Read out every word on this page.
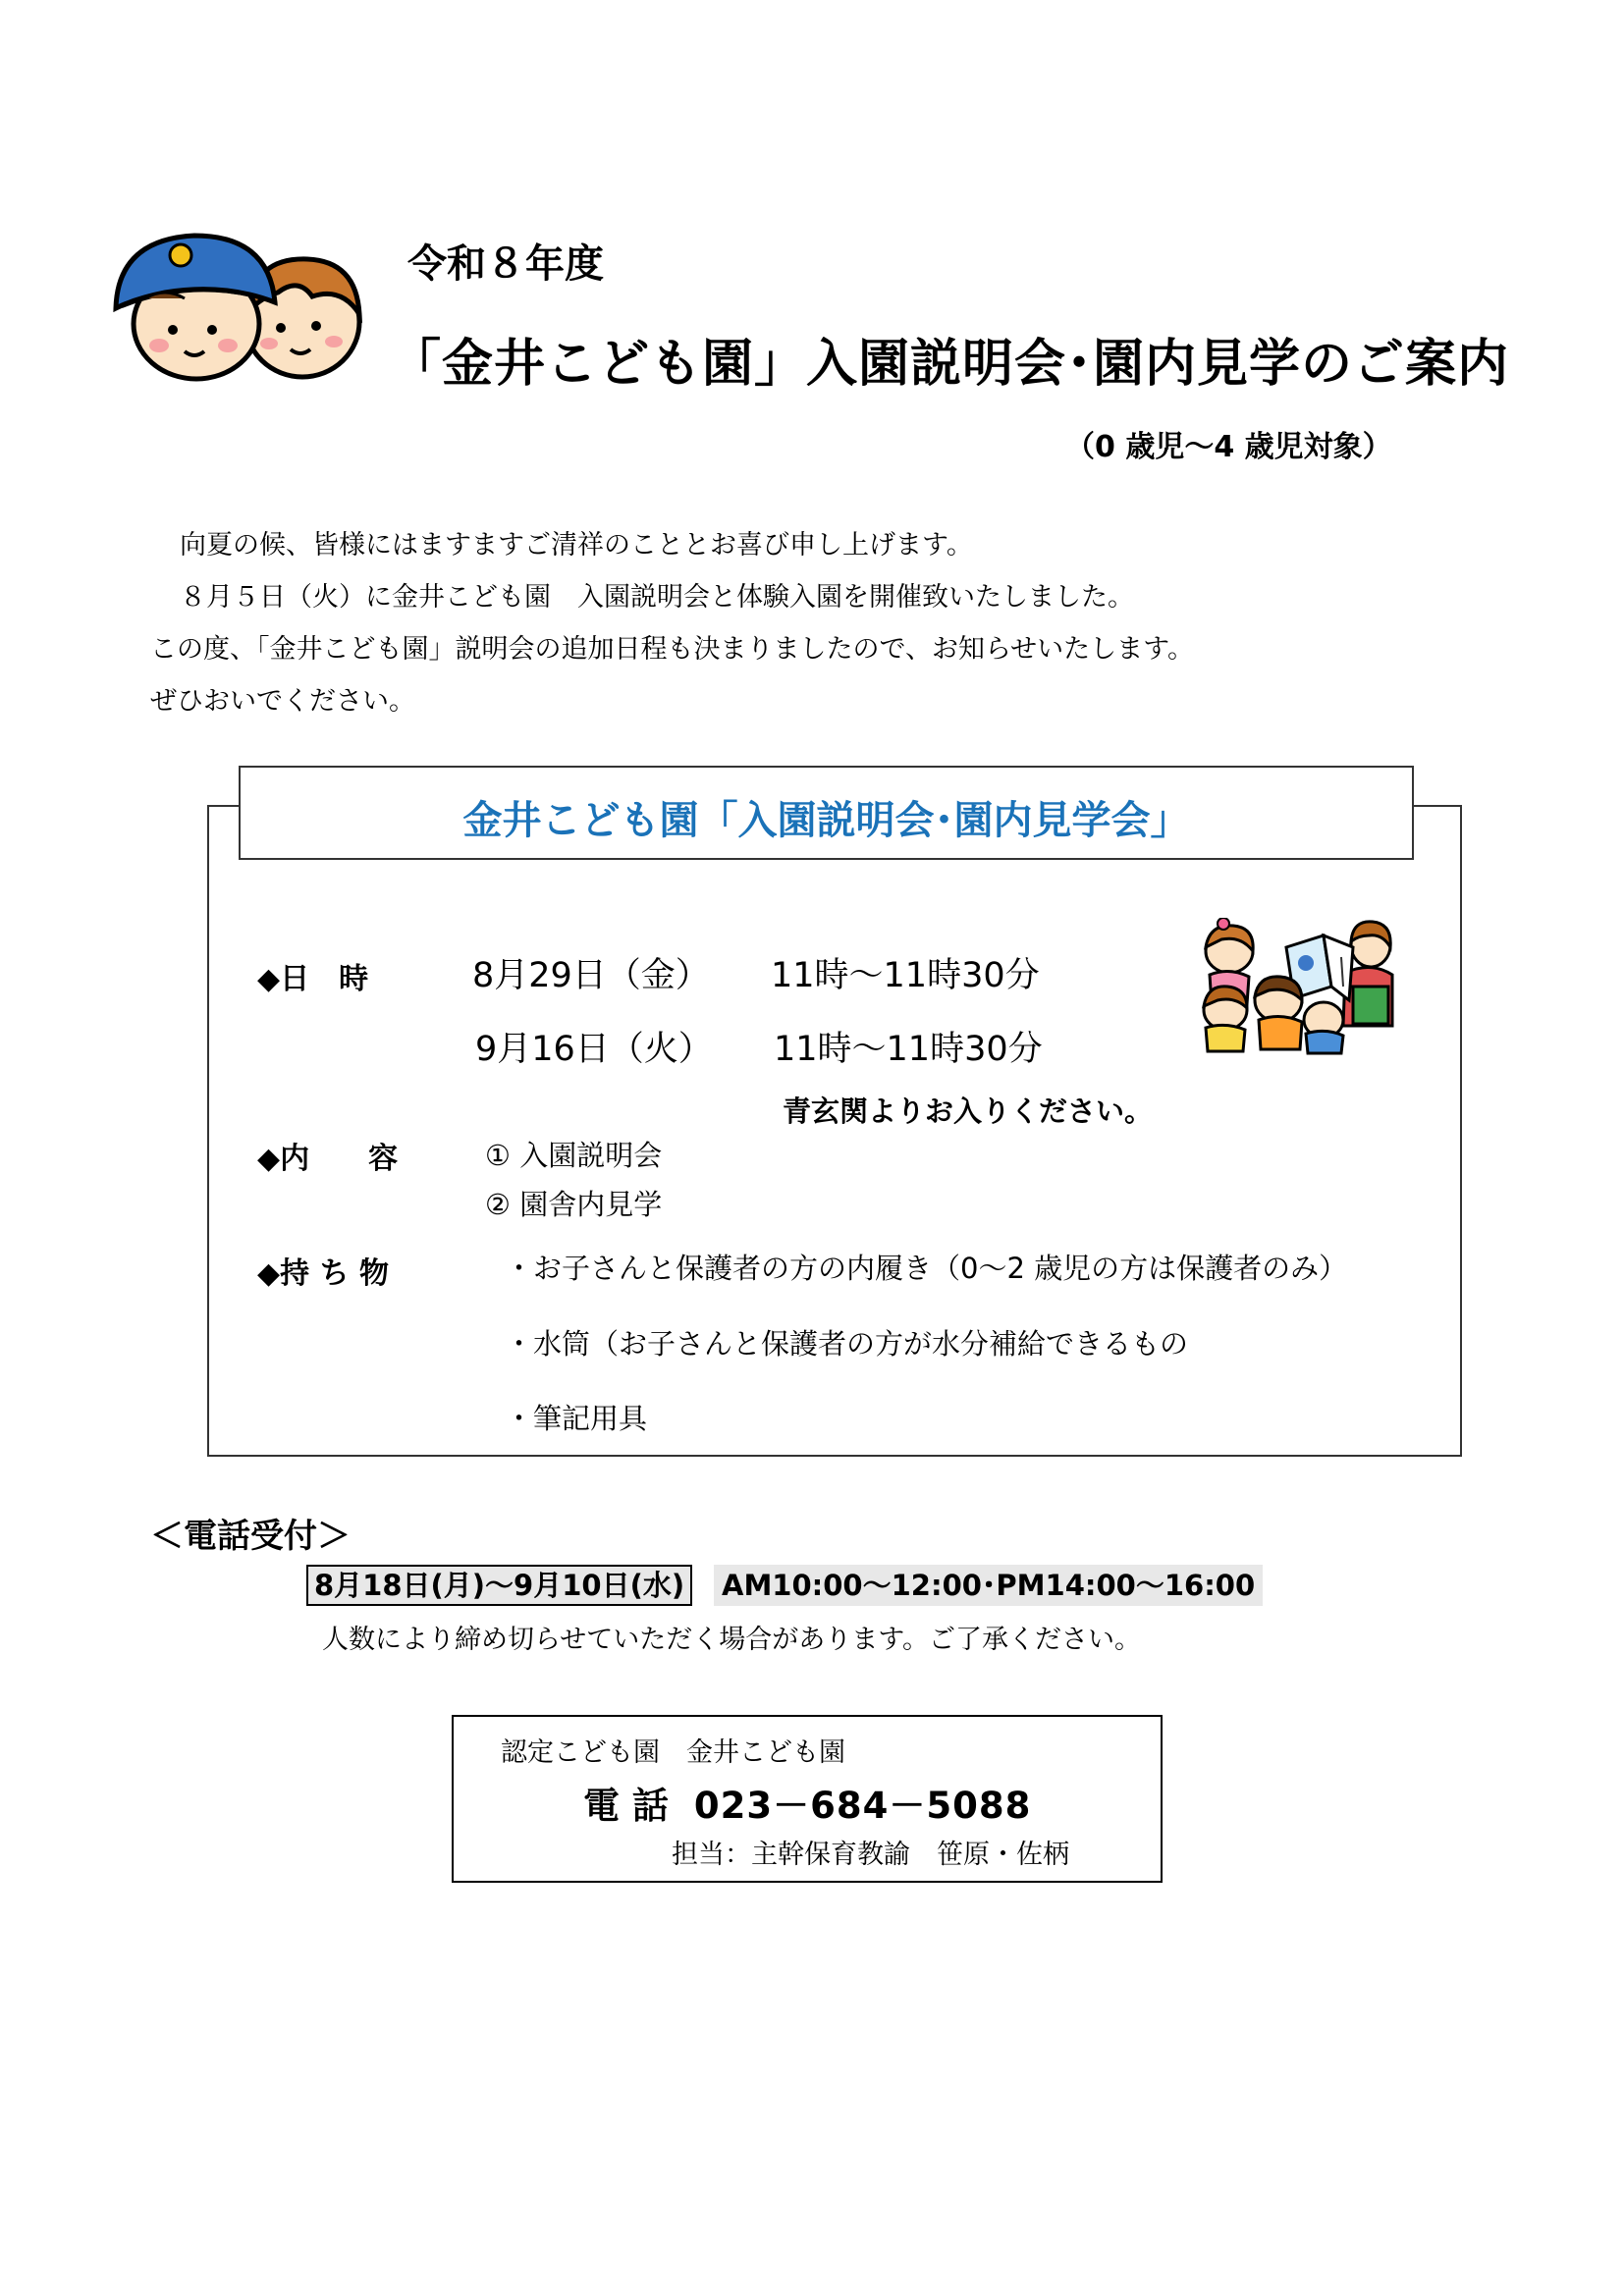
令和８年度
「金井こども園」入園説明会･園内見学のご案内
（0 歳児～4 歳児対象）

向夏の候、皆様にはますますご清祥のこととお喜び申し上げます。

８月５日（火）に金井こども園　入園説明会と体験入園を開催致いたしました。

この度、「金井こども園」説明会の追加日程も決まりましたので、お知らせいたします。

ぜひおいでください。

金井こども園「入園説明会･園内見学会」
◆日　時	8月29日（金） 11時～11時30分
9月16日（火） 11時～11時30分
青玄関よりお入りください。
◆内　　容	① 入園説明会
② 園舎内見学
◆持 ち 物	・お子さんと保護者の方の内履き（0～2 歳児の方は保護者のみ）
・水筒（お子さんと保護者の方が水分補給できるもの
・筆記用具
＜電話受付＞
8月18日(月)～9月10日(水) AM10:00～12:00･PM14:00～16:00
人数により締め切らせていただく場合があります。ご了承ください。
認定こども園　金井こども園
電 話 023－684－5088
担当：主幹保育教諭　笹原・佐柄
